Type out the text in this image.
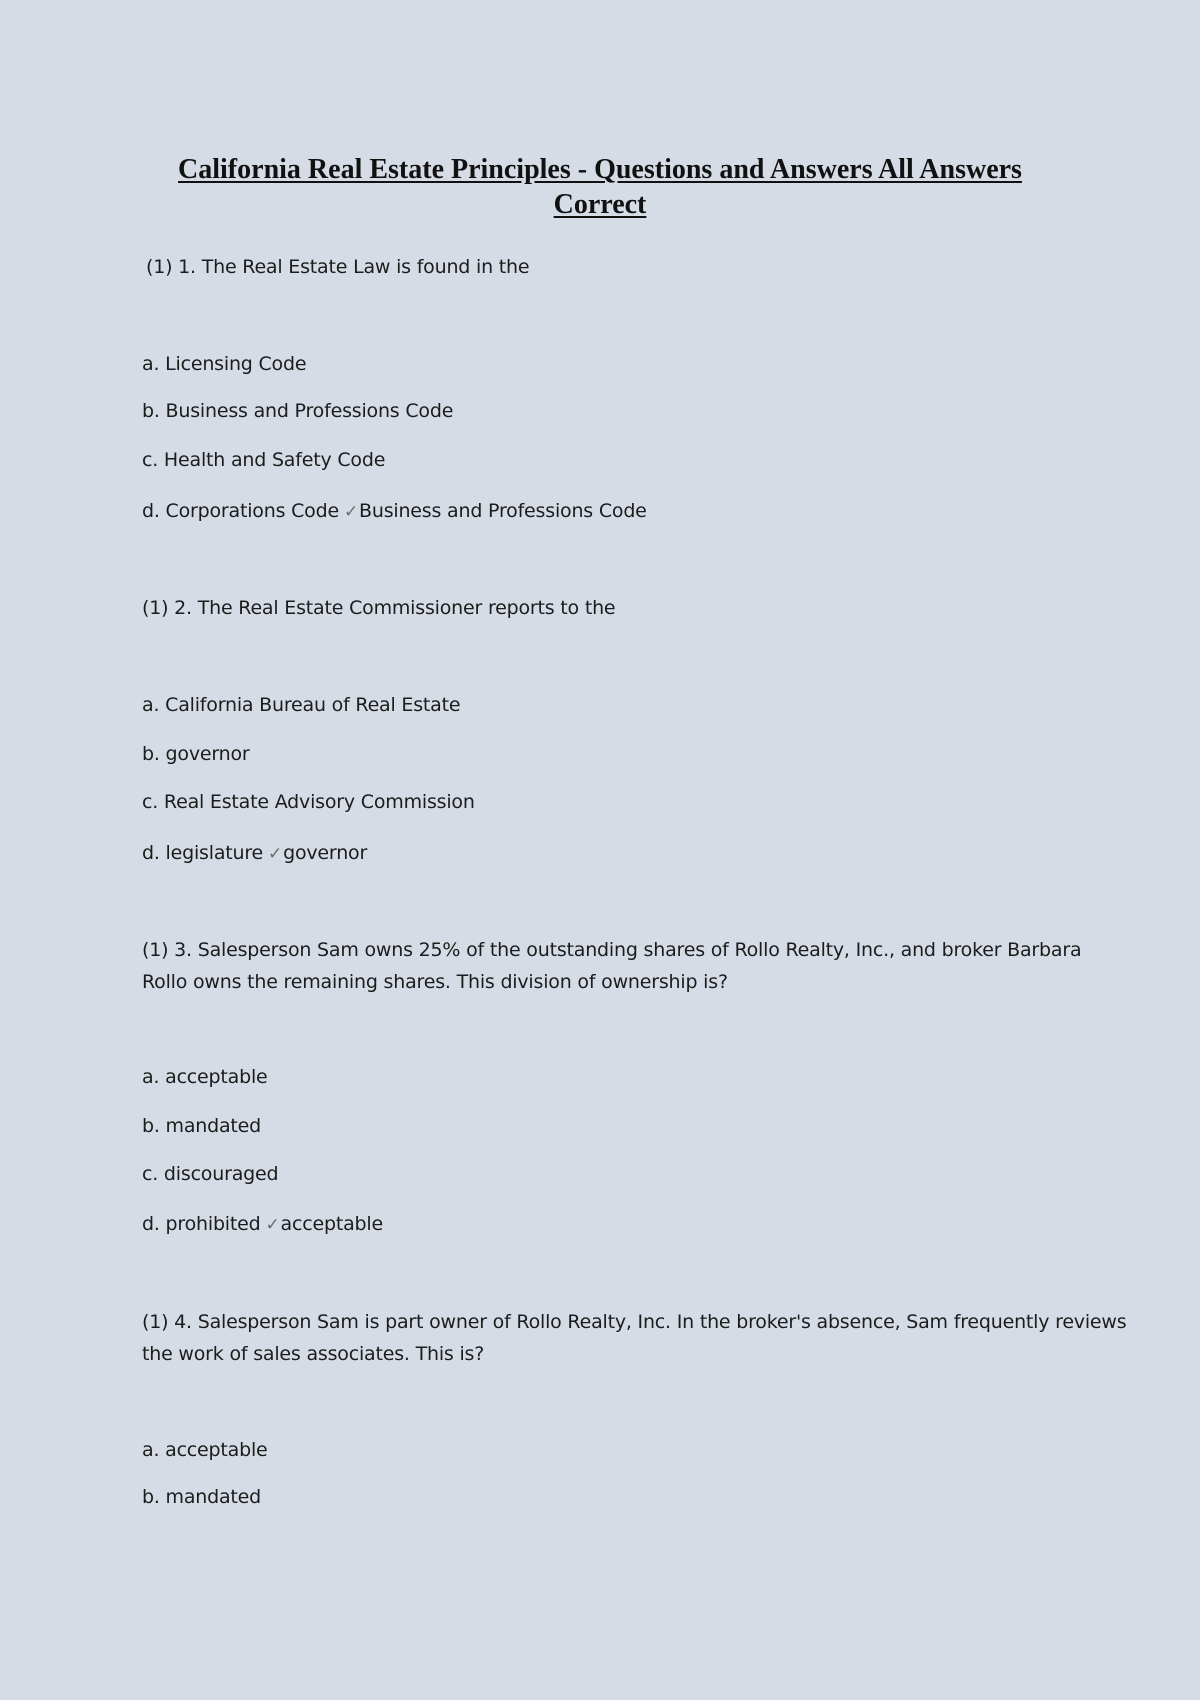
California Real Estate Principles - Questions and Answers All Answers Correct

(1) 1. The Real Estate Law is found in the

a. Licensing Code

b. Business and Professions Code

c. Health and Safety Code

d. Corporations Code ✓Business and Professions Code

(1) 2. The Real Estate Commissioner reports to the

a. California Bureau of Real Estate

b. governor

c. Real Estate Advisory Commission

d. legislature ✓governor

(1) 3. Salesperson Sam owns 25% of the outstanding shares of Rollo Realty, Inc., and broker Barbara

Rollo owns the remaining shares. This division of ownership is?

a. acceptable

b. mandated

c. discouraged

d. prohibited ✓acceptable

(1) 4. Salesperson Sam is part owner of Rollo Realty, Inc. In the broker's absence, Sam frequently reviews

the work of sales associates. This is?

a. acceptable

b. mandated
